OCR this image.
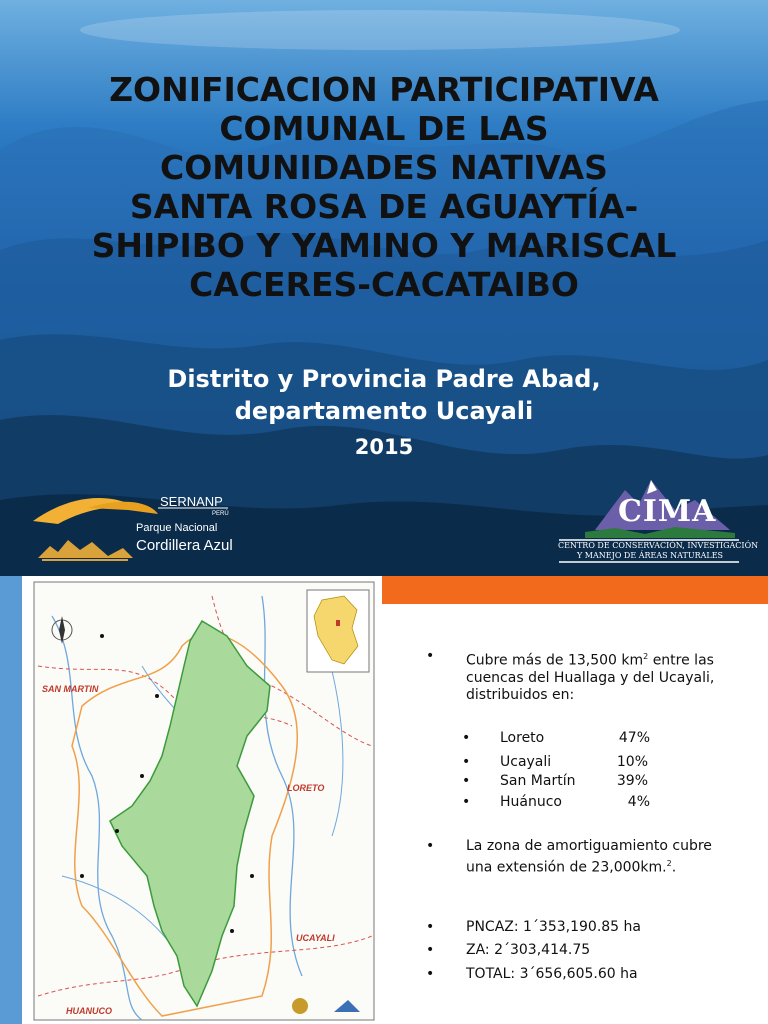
ZONIFICACION PARTICIPATIVA
COMUNAL DE LAS
COMUNIDADES NATIVAS
SANTA ROSA DE AGUAYTÍA-
SHIPIBO Y YAMINO Y MARISCAL
CACERES-CACATAIBO
Distrito y Provincia Padre Abad,
departamento Ucayali
2015
SERNANP
PERÚ
Parque Nacional
Cordillera Azul
CIMA
CENTRO DE CONSERVACIÓN, INVESTIGACIÓN
Y MANEJO DE ÁREAS NATURALES
SAN MARTIN
LORETO
UCAYALI
HUANUCO
• Cubre más de 13,500 $km^2$ entre las cuencas del Huallaga y del Ucayali, distribuidos en:
• Loreto	47%
• Ucayali	10%
• San Martín	39%
• Huánuco	4%
• La zona de amortiguamiento cubre una extensión de 23,000km.$^2$.
• PNCAZ: 1´353,190.85 ha
• ZA: 2´303,414.75
• TOTAL: 3´656,605.60 ha
